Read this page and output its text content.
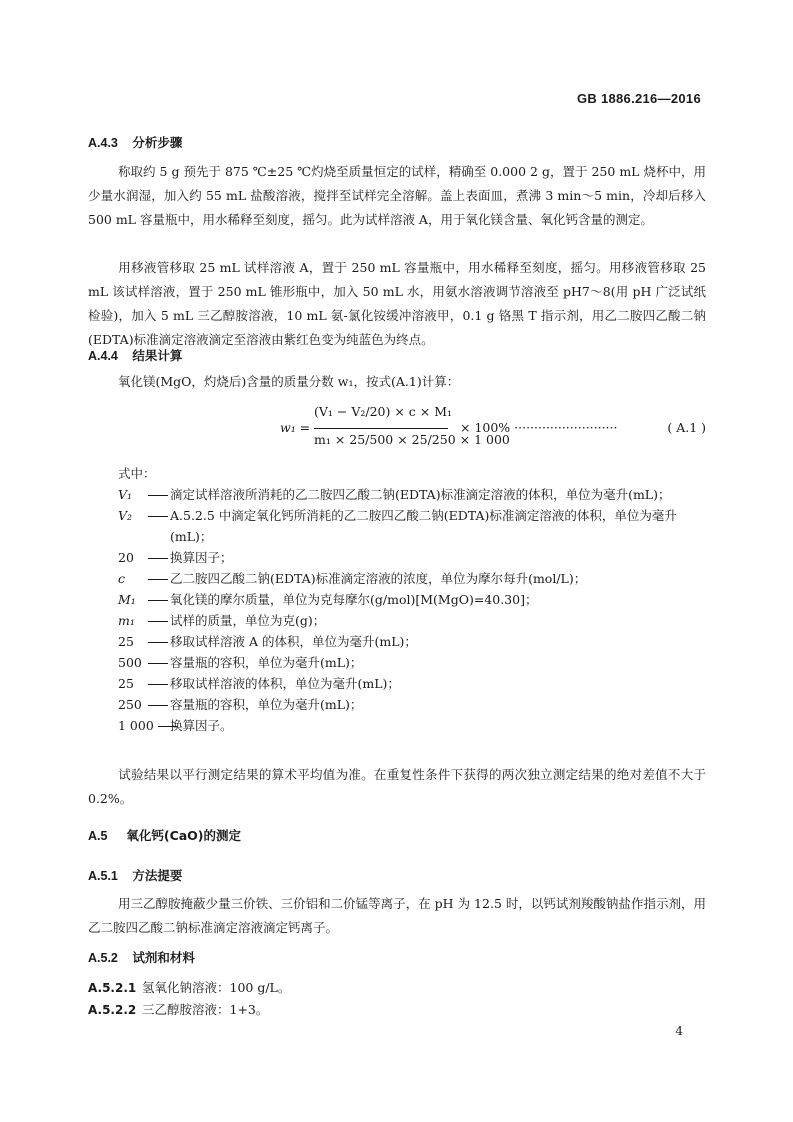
GB 1886.216—2016
A.4.3 分析步骤
称取约 5 g 预先于 875 ℃±25 ℃灼烧至质量恒定的试样，精确至 0.000 2 g，置于 250 mL 烧杯中，用少量水润湿，加入约 55 mL 盐酸溶液，搅拌至试样完全溶解。盖上表面皿，煮沸 3 min～5 min，冷却后移入 500 mL 容量瓶中，用水稀释至刻度，摇匀。此为试样溶液 A，用于氧化镁含量、氧化钙含量的测定。
用移液管移取 25 mL 试样溶液 A，置于 250 mL 容量瓶中，用水稀释至刻度，摇匀。用移液管移取 25 mL 该试样溶液，置于 250 mL 锥形瓶中，加入 50 mL 水，用氨水溶液调节溶液至 pH7～8(用 pH 广泛试纸检验)，加入 5 mL 三乙醇胺溶液，10 mL 氨-氯化铵缓冲溶液甲，0.1 g 铬黑 T 指示剂，用乙二胺四乙酸二钠(EDTA)标准滴定溶液滴定至溶液由紫红色变为纯蓝色为终点。
A.4.4 结果计算
氧化镁(MgO，灼烧后)含量的质量分数 w₁，按式(A.1)计算：
w₁ =
(V₁ − V₂/20) × c × M₁
m₁ × 25/500 × 25/250 × 1 000
× 100% ··························	( A.1 )
式中：
V₁	滴定试样溶液所消耗的乙二胺四乙酸二钠(EDTA)标准滴定溶液的体积，单位为毫升(mL)；
V₂	A.5.2.5 中滴定氧化钙所消耗的乙二胺四乙酸二钠(EDTA)标准滴定溶液的体积，单位为毫升(mL)；
20	换算因子；
c	乙二胺四乙酸二钠(EDTA)标准滴定溶液的浓度，单位为摩尔每升(mol/L)；
M₁	氧化镁的摩尔质量，单位为克每摩尔(g/mol)[M(MgO)=40.30]；
m₁	试样的质量，单位为克(g)；
25	移取试样溶液 A 的体积，单位为毫升(mL)；
500	容量瓶的容积，单位为毫升(mL)；
25	移取试样溶液的体积，单位为毫升(mL)；
250	容量瓶的容积，单位为毫升(mL)；
1 000	换算因子。
试验结果以平行测定结果的算术平均值为准。在重复性条件下获得的两次独立测定结果的绝对差值不大于 0.2%。
A.5 氧化钙(CaO)的测定
A.5.1 方法提要
用三乙醇胺掩蔽少量三价铁、三价铝和二价锰等离子，在 pH 为 12.5 时，以钙试剂羧酸钠盐作指示剂，用乙二胺四乙酸二钠标准滴定溶液滴定钙离子。
A.5.2 试剂和材料
A.5.2.1 氢氧化钠溶液：100 g/L。
A.5.2.2 三乙醇胺溶液：1+3。
4
